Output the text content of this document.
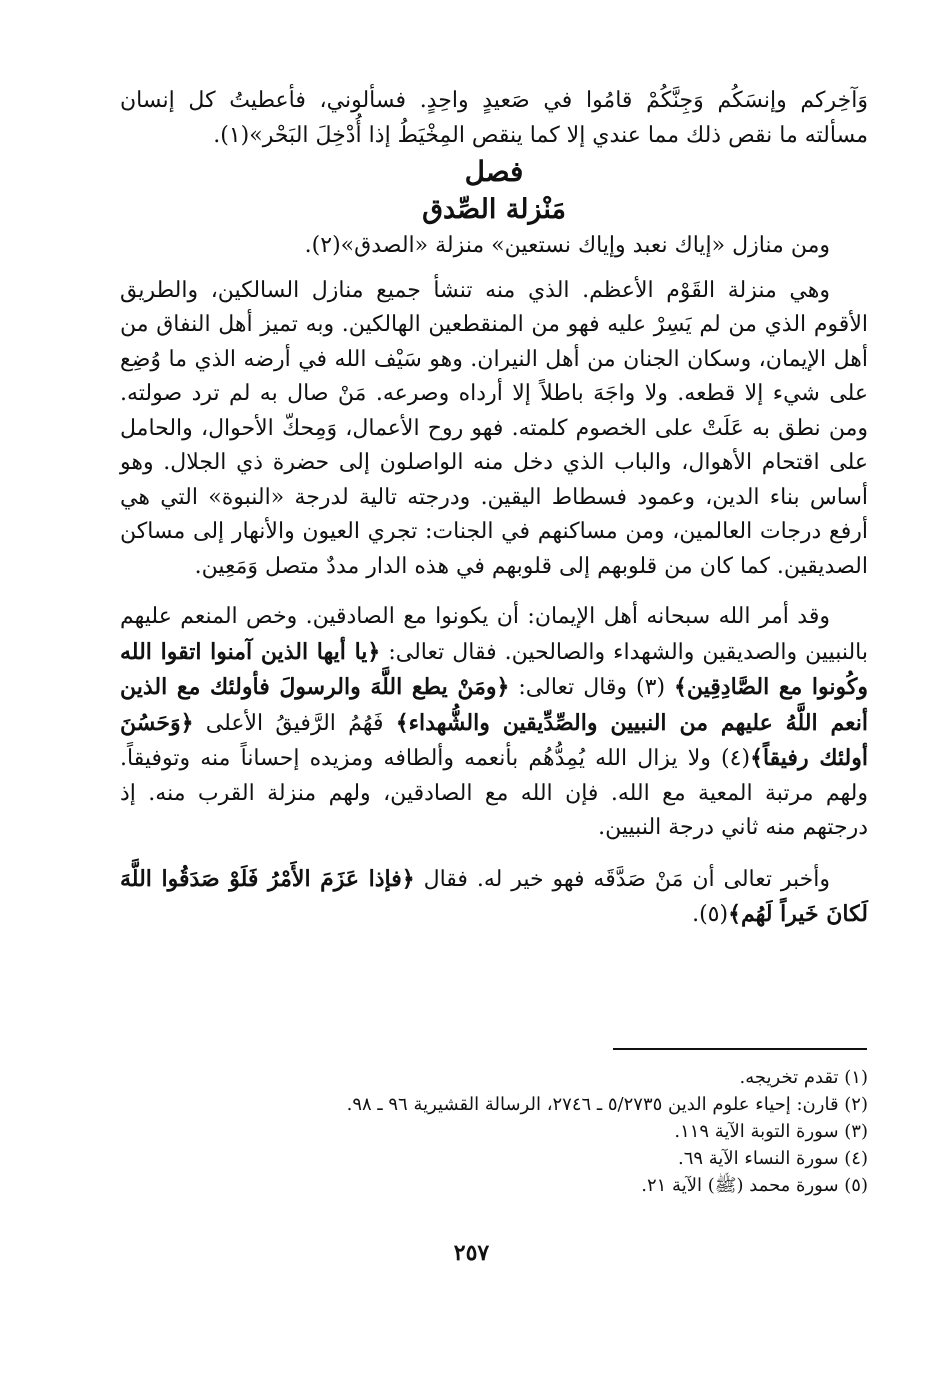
وَآخِركم وإنسَكُم وَجِنَّكُمْ قامُوا في صَعيدٍ واحِدٍ. فسألوني، فأعطيتُ كل إنسان مسألته ما نقص ذلك مما عندي إلا كما ينقص المِخْيَطُ إذا أُدْخِلَ البَحْر»(١).

فصل

مَنْزلة الصِّدق

ومن منازل «إياك نعبد وإياك نستعين» منزلة «الصدق»(٢).

وهي منزلة القَوْم الأعظم. الذي منه تنشأ جميع منازل السالكين، والطريق الأقوم الذي من لم يَسِرْ عليه فهو من المنقطعين الهالكين. وبه تميز أهل النفاق من أهل الإيمان، وسكان الجنان من أهل النيران. وهو سَيْف الله في أرضه الذي ما وُضِع على شيء إلا قطعه. ولا واجَهَ باطلاً إلا أرداه وصرعه. مَنْ صال به لم ترد صولته. ومن نطق به عَلَتْ على الخصوم كلمته. فهو روح الأعمال، وَمِحكّ الأحوال، والحامل على اقتحام الأهوال، والباب الذي دخل منه الواصلون إلى حضرة ذي الجلال. وهو أساس بناء الدين، وعمود فسطاط اليقين. ودرجته تالية لدرجة «النبوة» التي هي أرفع درجات العالمين، ومن مساكنهم في الجنات: تجري العيون والأنهار إلى مساكن الصديقين. كما كان من قلوبهم إلى قلوبهم في هذه الدار مددٌ متصل وَمَعِين.

وقد أمر الله سبحانه أهل الإيمان: أن يكونوا مع الصادقين. وخص المنعم عليهم بالنبيين والصديقين والشهداء والصالحين. فقال تعالى: ﴿يا أيها الذين آمنوا اتقوا الله وكُونوا مع الصَّادِقِين﴾ (٣) وقال تعالى: ﴿ومَنْ يطع اللَّهَ والرسولَ فأولئك مع الذين أنعم اللَّهُ عليهم من النبيين والصِّدِّيقين والشُّهداء﴾ فَهُمُ الرَّفيقُ الأعلى ﴿وَحَسُنَ أولئك رفيقاً﴾(٤) ولا يزال الله يُمِدُّهُم بأنعمه وألطافه ومزيده إحساناً منه وتوفيقاً. ولهم مرتبة المعية مع الله. فإن الله مع الصادقين، ولهم منزلة القرب منه. إذ درجتهم منه ثاني درجة النبيين.

وأخبر تعالى أن مَنْ صَدَّقَه فهو خير له. فقال ﴿فإذا عَزَمَ الأَمْرُ فَلَوْ صَدَقُوا اللَّهَ لَكانَ خَيراً لَهُم﴾(٥).

(١) تقدم تخريجه.
(٢) قارن: إحياء علوم الدين ٥/٢٧٣٥ ـ ٢٧٤٦، الرسالة القشيرية ٩٦ ـ ٩٨.
(٣) سورة التوبة الآية ١١٩.
(٤) سورة النساء الآية ٦٩.
(٥) سورة محمد (ﷺ) الآية ٢١.
٢٥٧
